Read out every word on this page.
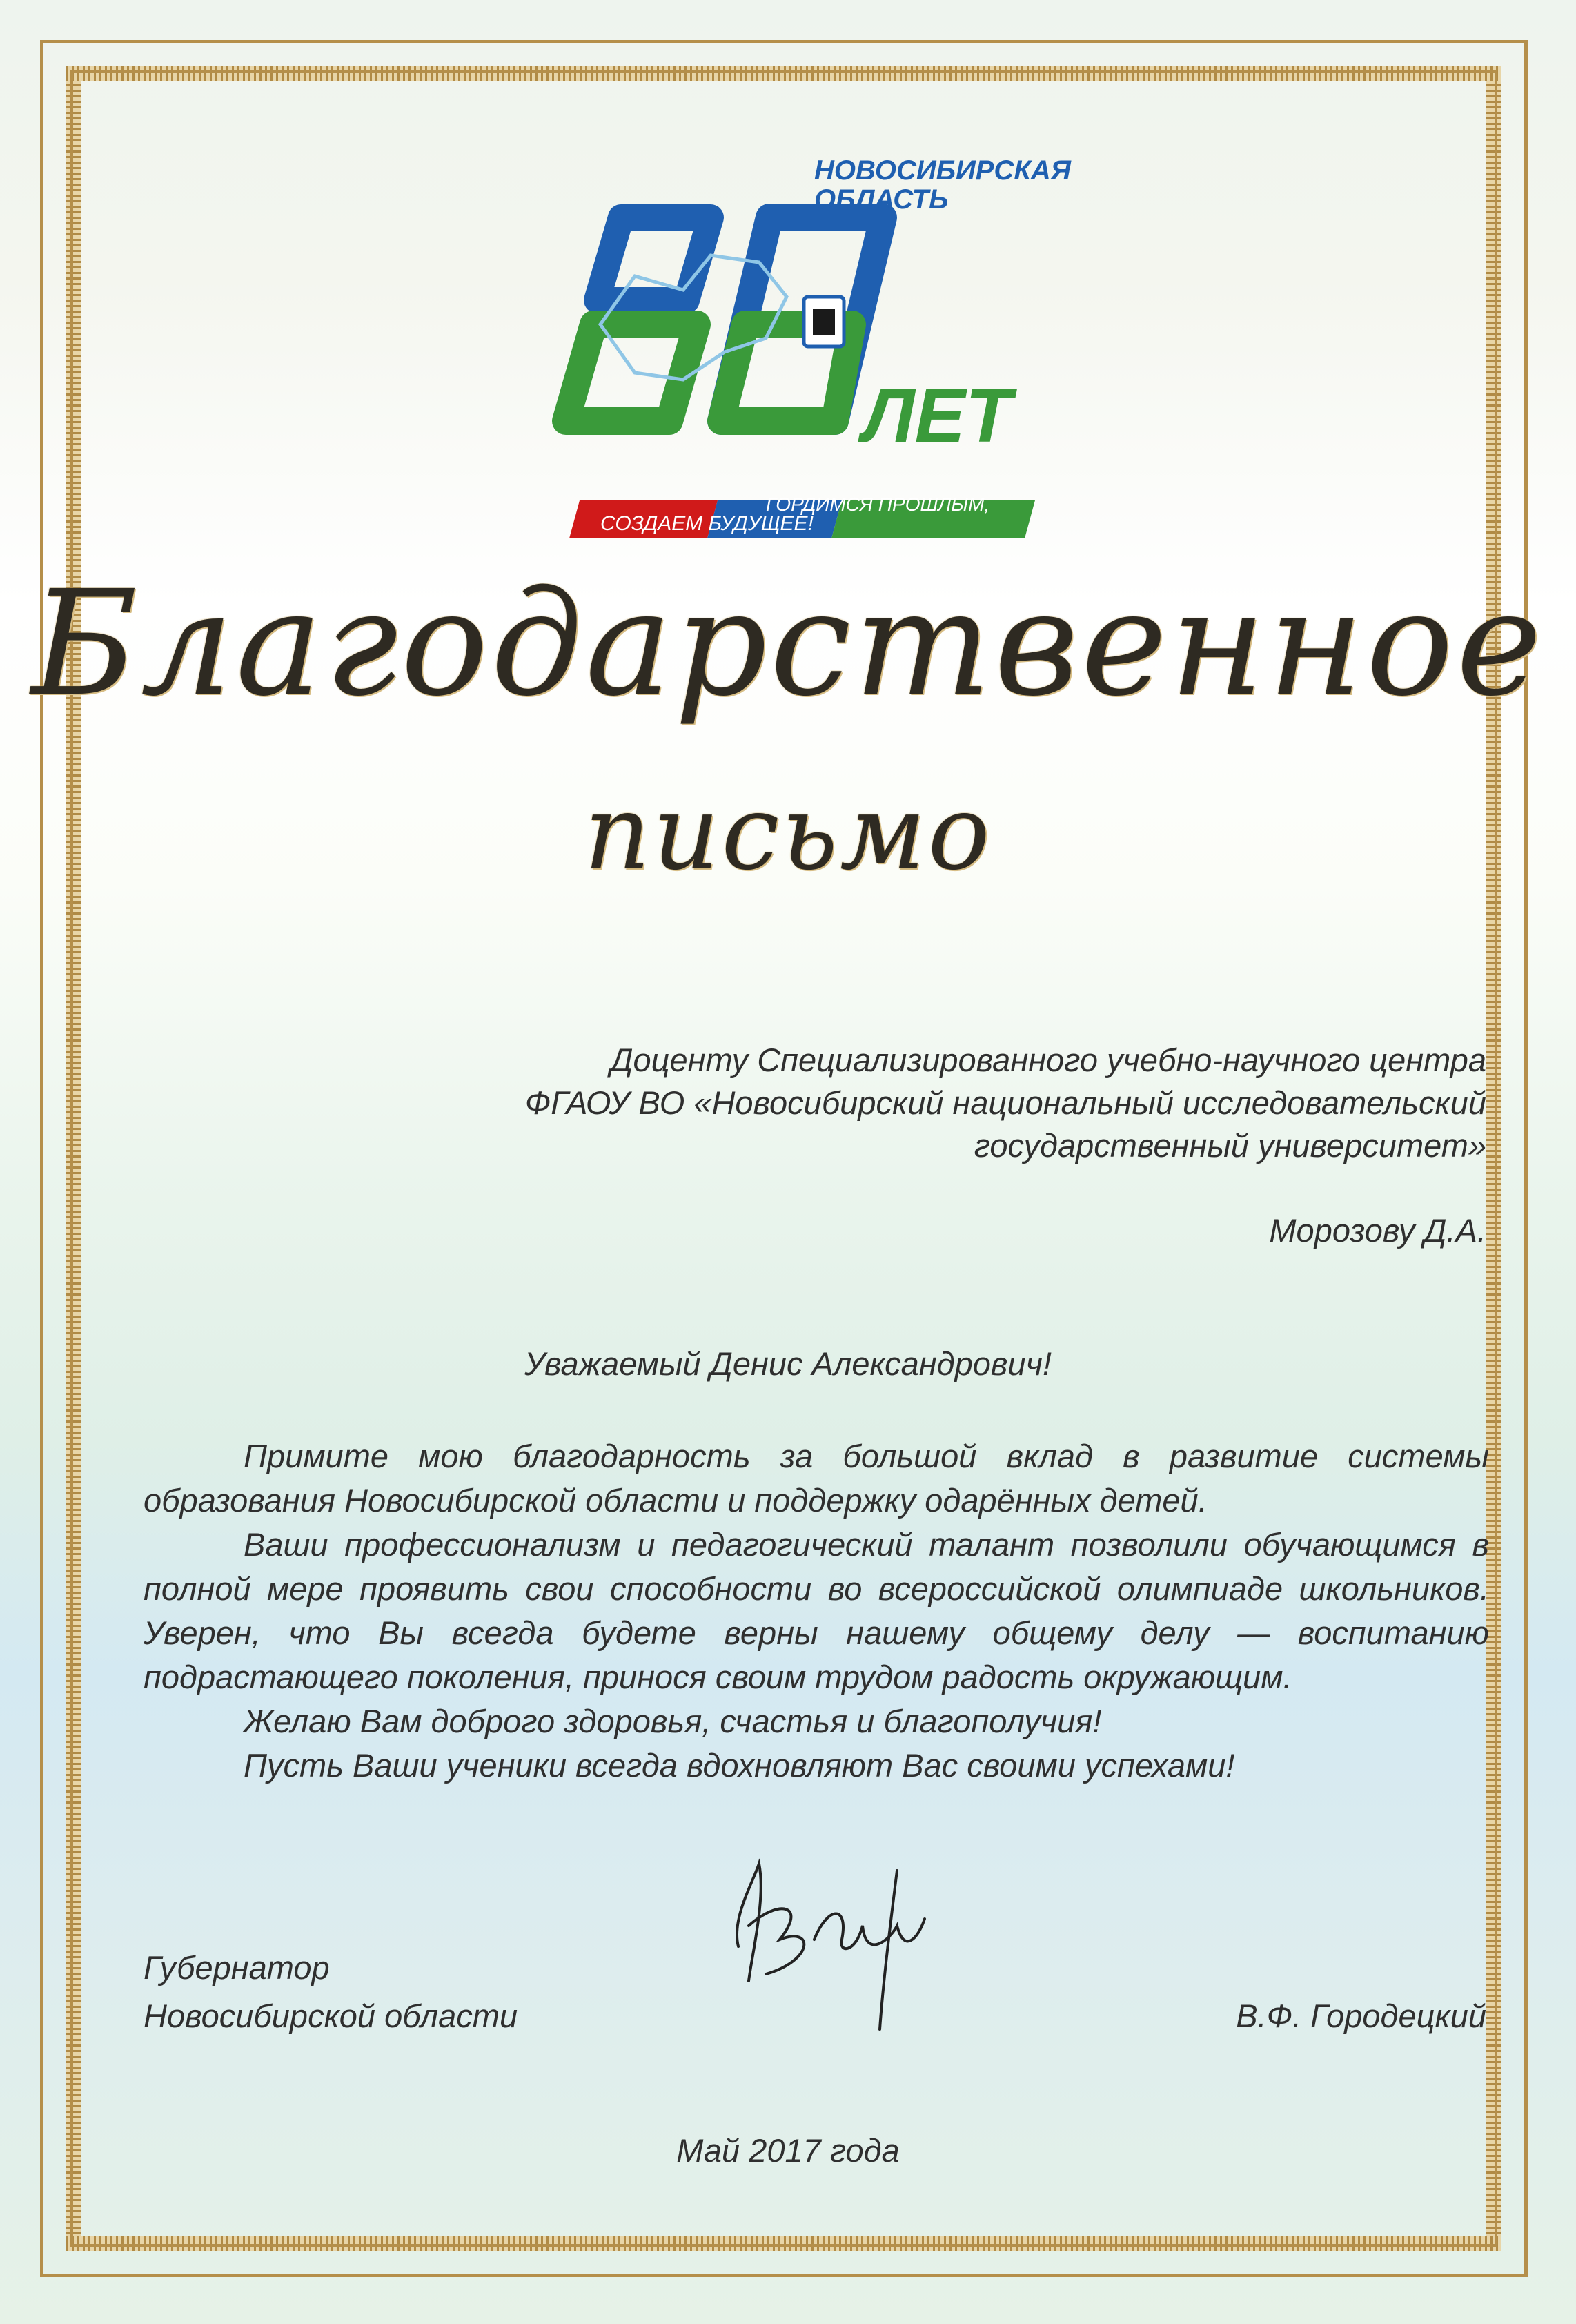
НОВОСИБИРСКАЯ
ОБЛАСТЬ
ЛЕТ
СОЗДАЕМ БУДУЩЕЕ!
ГОРДИМСЯ ПРОШЛЫМ,
Благодарственное
письмо
Доценту Специализированного учебно-научного центра
ФГАОУ ВО «Новосибирский национальный исследовательский
государственный университет»
Морозову Д.А.
Уважаемый Денис Александрович!

Примите мою благодарность за большой вклад в развитие системы образования Новосибирской области и поддержку одарённых детей.

Ваши профессионализм и педагогический талант позволили обучающимся в полной мере проявить свои способности во всероссийской олимпиаде школьников. Уверен, что Вы всегда будете верны нашему общему делу — воспитанию подрастающего поколения, принося своим трудом радость окружающим.

Желаю Вам доброго здоровья, счастья и благополучия!

Пусть Ваши ученики всегда вдохновляют Вас своими успехами!

Губернатор
Новосибирской области	В.Ф. Городецкий
Май 2017 года
